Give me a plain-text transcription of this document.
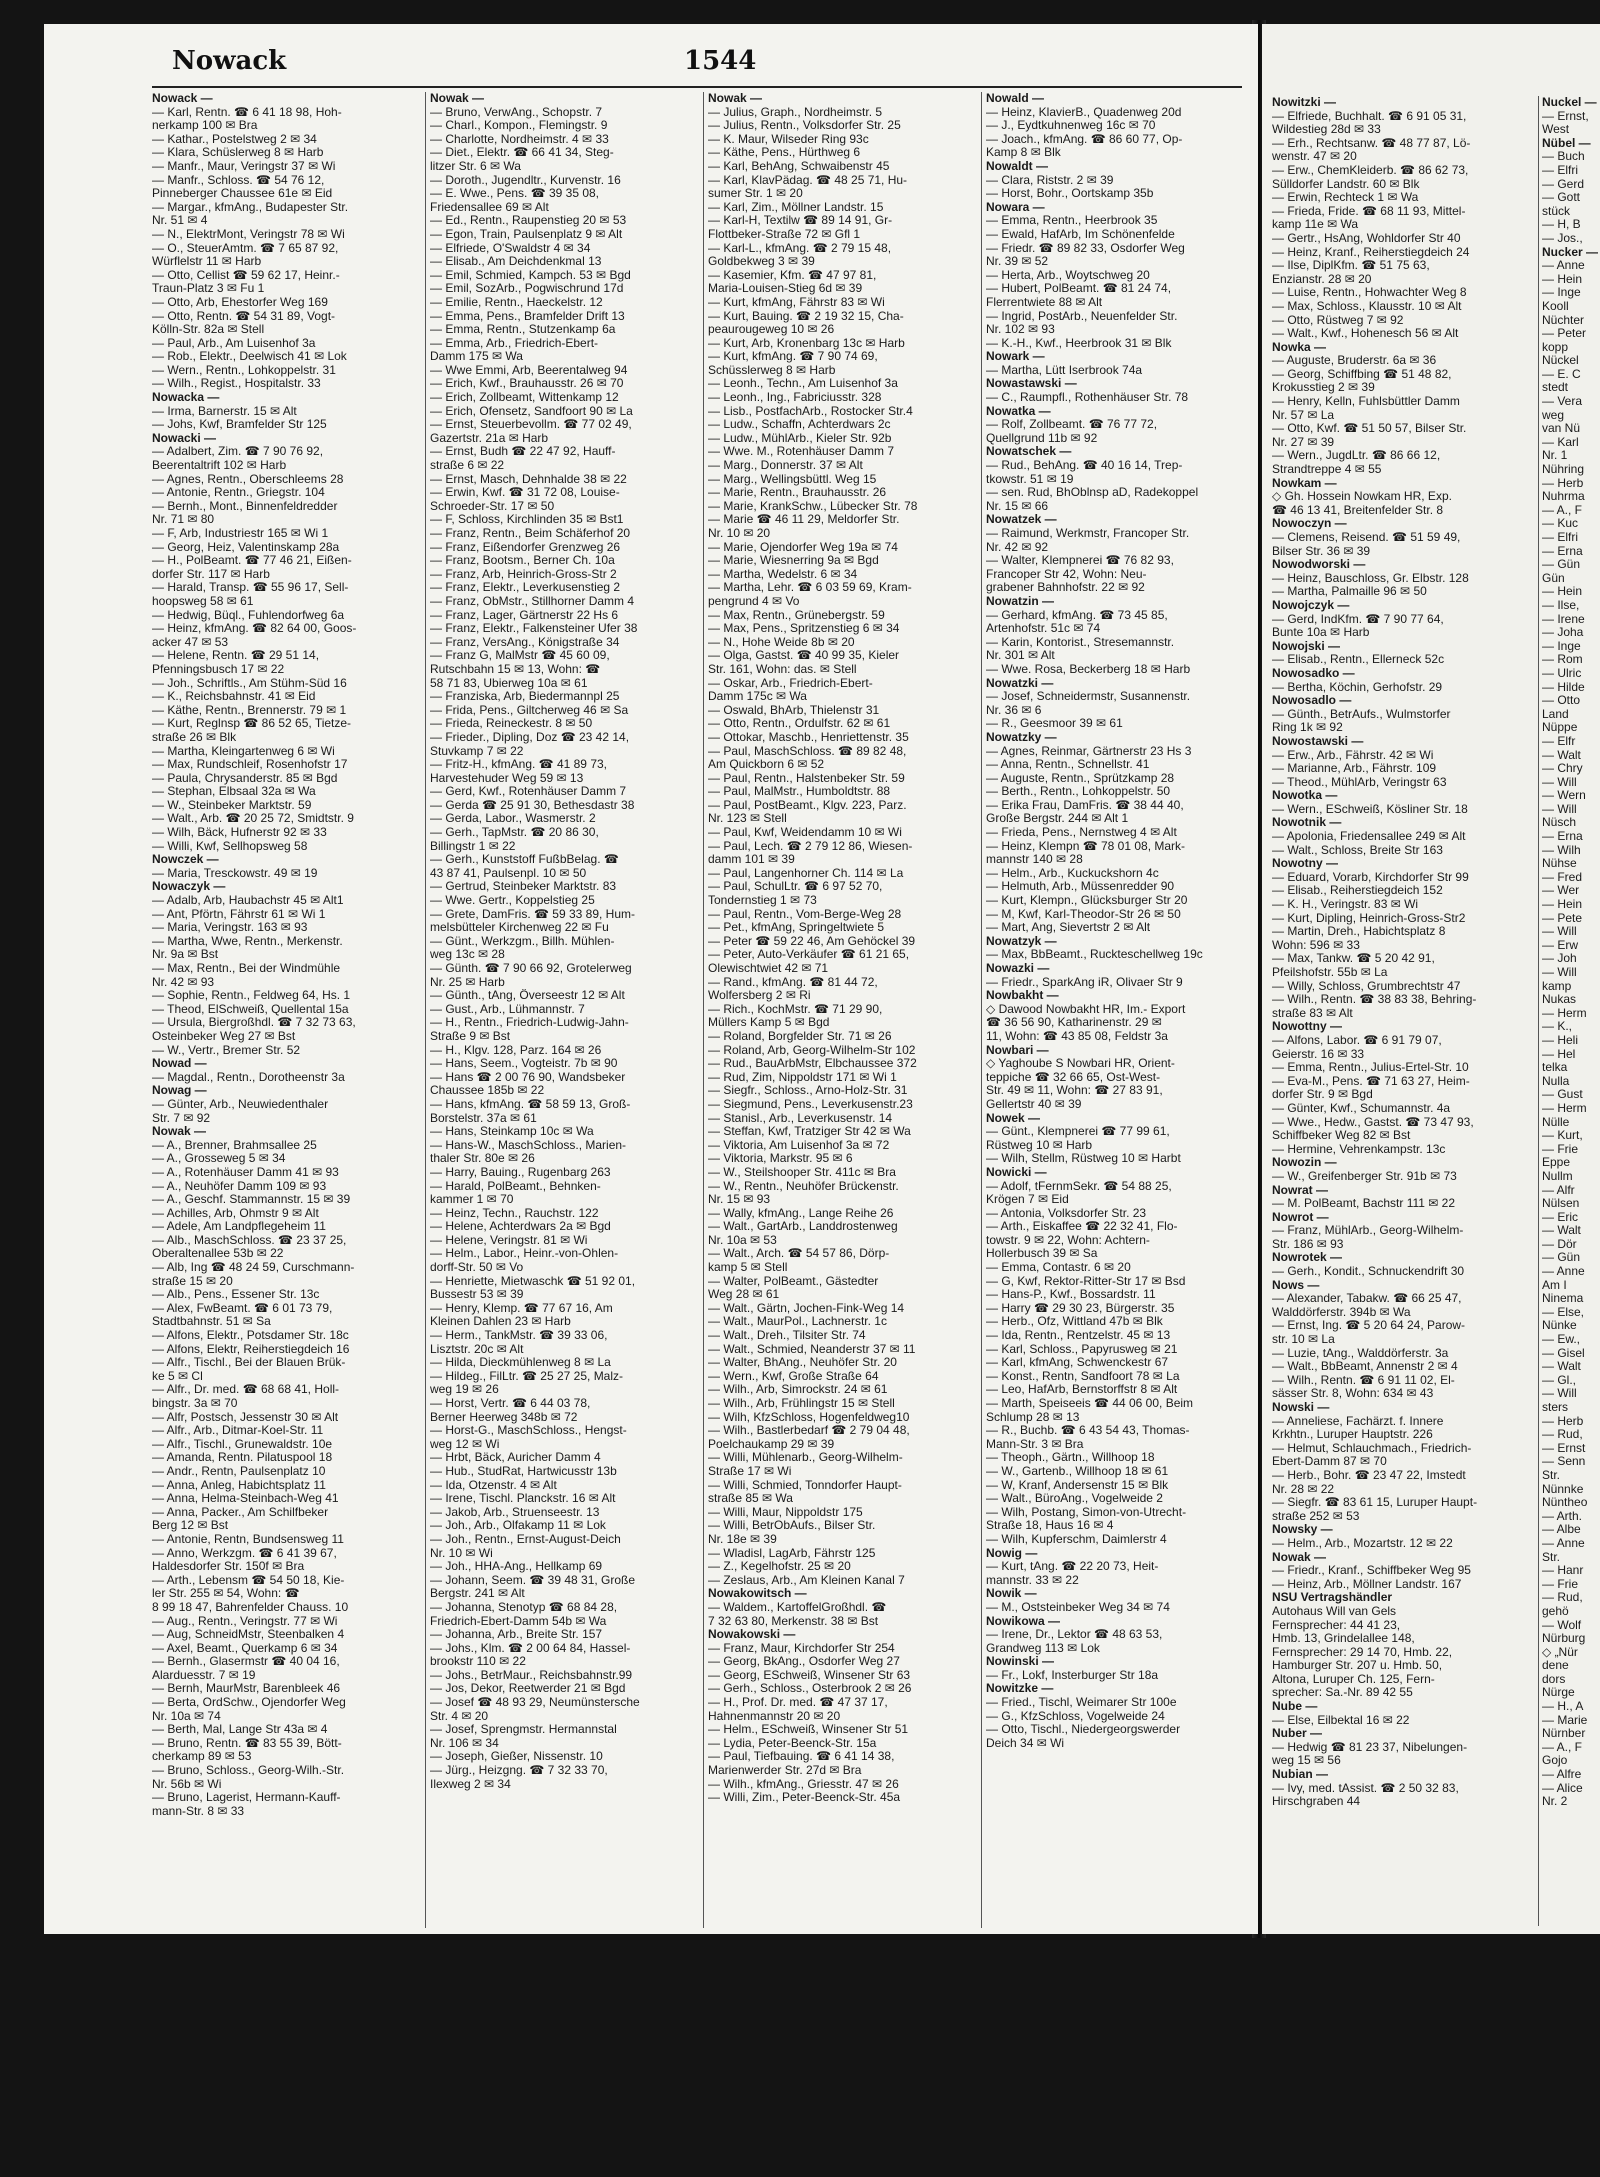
Nowack	1544
Nowack —
— Karl, Rentn. ☎ 6 41 18 98, Hoh-
nerkamp 100 ✉ Bra
— Kathar., Postelstweg 2 ✉ 34
— Klara, Schüslerweg 8 ✉ Harb
— Manfr., Maur, Veringstr 37 ✉ Wi
— Manfr., Schloss. ☎ 54 76 12,
Pinneberger Chaussee 61e ✉ Eid
— Margar., kfmAng., Budapester Str.
Nr. 51 ✉ 4
— N., ElektrMont, Veringstr 78 ✉ Wi
— O., SteuerAmtm. ☎ 7 65 87 92,
Würflelstr 11 ✉ Harb
— Otto, Cellist ☎ 59 62 17, Heinr.-
Traun-Platz 3 ✉ Fu 1
— Otto, Arb, Ehestorfer Weg 169
— Otto, Rentn. ☎ 54 31 89, Vogt-
Kölln-Str. 82a ✉ Stell
— Paul, Arb., Am Luisenhof 3a
— Rob., Elektr., Deelwisch 41 ✉ Lok
— Wern., Rentn., Lohkoppelstr. 31
— Wilh., Regist., Hospitalstr. 33
Nowacka —
— Irma, Barnerstr. 15 ✉ Alt
— Johs, Kwf, Bramfelder Str 125
Nowacki —
— Adalbert, Zim. ☎ 7 90 76 92,
Beerentaltrift 102 ✉ Harb
— Agnes, Rentn., Oberschleems 28
— Antonie, Rentn., Griegstr. 104
— Bernh., Mont., Binnenfeldredder
Nr. 71 ✉ 80
— F, Arb, Industriestr 165 ✉ Wi 1
— Georg, Heiz, Valentinskamp 28a
— H., PolBeamt. ☎ 77 46 21, Eißen-
dorfer Str. 117 ✉ Harb
— Harald, Transp. ☎ 55 96 17, Sell-
hoopsweg 58 ✉ 61
— Hedwig, Büql., Fuhlendorfweg 6a
— Heinz, kfmAng. ☎ 82 64 00, Goos-
acker 47 ✉ 53
— Helene, Rentn. ☎ 29 51 14,
Pfenningsbusch 17 ✉ 22
— Joh., Schriftls., Am Stühm-Süd 16
— K., Reichsbahnstr. 41 ✉ Eid
— Käthe, Rentn., Brennerstr. 79 ✉ 1
— Kurt, Reglnsp ☎ 86 52 65, Tietze-
straße 26 ✉ Blk
— Martha, Kleingartenweg 6 ✉ Wi
— Max, Rundschleif, Rosenhofstr 17
— Paula, Chrysanderstr. 85 ✉ Bgd
— Stephan, Elbsaal 32a ✉ Wa
— W., Steinbeker Marktstr. 59
— Walt., Arb. ☎ 20 25 72, Smidtstr. 9
— Wilh, Bäck, Hufnerstr 92 ✉ 33
— Willi, Kwf, Sellhopsweg 58
Nowczek —
— Maria, Tresckowstr. 49 ✉ 19
Nowaczyk —
— Adalb, Arb, Haubachstr 45 ✉ Alt1
— Ant, Pförtn, Fährstr 61 ✉ Wi 1
— Maria, Veringstr. 163 ✉ 93
— Martha, Wwe, Rentn., Merkenstr.
Nr. 9a ✉ Bst
— Max, Rentn., Bei der Windmühle
Nr. 42 ✉ 93
— Sophie, Rentn., Feldweg 64, Hs. 1
— Theod, ElSchweiß, Quellental 15a
— Ursula, Biergroßhdl. ☎ 7 32 73 63,
Osteinbeker Weg 27 ✉ Bst
— W., Vertr., Bremer Str. 52
Nowad —
— Magdal., Rentn., Dorotheenstr 3a
Nowag —
— Günter, Arb., Neuwiedenthaler
Str. 7 ✉ 92
Nowak —
— A., Brenner, Brahmsallee 25
— A., Grosseweg 5 ✉ 34
— A., Rotenhäuser Damm 41 ✉ 93
— A., Neuhöfer Damm 109 ✉ 93
— A., Geschf. Stammannstr. 15 ✉ 39
— Achilles, Arb, Ohmstr 9 ✉ Alt
— Adele, Am Landpflegeheim 11
— Alb., MaschSchloss. ☎ 23 37 25,
Oberaltenallee 53b ✉ 22
— Alb, Ing ☎ 48 24 59, Curschmann-
straße 15 ✉ 20
— Alb., Pens., Essener Str. 13c
— Alex, FwBeamt. ☎ 6 01 73 79,
Stadtbahnstr. 51 ✉ Sa
— Alfons, Elektr., Potsdamer Str. 18c
— Alfons, Elektr, Reiherstiegdeich 16
— Alfr., Tischl., Bei der Blauen Brük-
ke 5 ✉ Cl
— Alfr., Dr. med. ☎ 68 68 41, Holl-
bingstr. 3a ✉ 70
— Alfr, Postsch, Jessenstr 30 ✉ Alt
— Alfr., Arb., Ditmar-Koel-Str. 11
— Alfr., Tischl., Grunewaldstr. 10e
— Amanda, Rentn. Pilatuspool 18
— Andr., Rentn, Paulsenplatz 10
— Anna, Anleg, Habichtsplatz 11
— Anna, Helma-Steinbach-Weg 41
— Anna, Packer., Am Schilfbeker
Berg 12 ✉ Bst
— Antonie, Rentn, Bundsensweg 11
— Anno, Werkzgm. ☎ 6 41 39 67,
Haldesdorfer Str. 150f ✉ Bra
— Arth., Lebensm ☎ 54 50 18, Kie-
ler Str. 255 ✉ 54, Wohn: ☎
8 99 18 47, Bahrenfelder Chauss. 10
— Aug., Rentn., Veringstr. 77 ✉ Wi
— Aug, SchneidMstr, Steenbalken 4
— Axel, Beamt., Querkamp 6 ✉ 34
— Bernh., Glasermstr ☎ 40 04 16,
Alarduesstr. 7 ✉ 19
— Bernh, MaurMstr, Barenbleek 46
— Berta, OrdSchw., Ojendorfer Weg
Nr. 10a ✉ 74
— Berth, Mal, Lange Str 43a ✉ 4
— Bruno, Rentn. ☎ 83 55 39, Bött-
cherkamp 89 ✉ 53
— Bruno, Schloss., Georg-Wilh.-Str.
Nr. 56b ✉ Wi
— Bruno, Lagerist, Hermann-Kauff-
mann-Str. 8 ✉ 33
Nowak —
— Bruno, VerwAng., Schopstr. 7
— Charl., Kompon., Flemingstr. 9
— Charlotte, Nordheimstr. 4 ✉ 33
— Diet., Elektr. ☎ 66 41 34, Steg-
litzer Str. 6 ✉ Wa
— Doroth., Jugendltr., Kurvenstr. 16
— E. Wwe., Pens. ☎ 39 35 08,
Friedensallee 69 ✉ Alt
— Ed., Rentn., Raupenstieg 20 ✉ 53
— Egon, Train, Paulsenplatz 9 ✉ Alt
— Elfriede, O'Swaldstr 4 ✉ 34
— Elisab., Am Deichdenkmal 13
— Emil, Schmied, Kampch. 53 ✉ Bgd
— Emil, SozArb., Pogwischrund 17d
— Emilie, Rentn., Haeckelstr. 12
— Emma, Pens., Bramfelder Drift 13
— Emma, Rentn., Stutzenkamp 6a
— Emma, Arb., Friedrich-Ebert-
Damm 175 ✉ Wa
— Wwe Emmi, Arb, Beerentalweg 94
— Erich, Kwf., Brauhausstr. 26 ✉ 70
— Erich, Zollbeamt, Wittenkamp 12
— Erich, Ofensetz, Sandfoort 90 ✉ La
— Ernst, Steuerbevollm. ☎ 77 02 49,
Gazertstr. 21a ✉ Harb
— Ernst, Budh ☎ 22 47 92, Hauff-
straße 6 ✉ 22
— Ernst, Masch, Dehnhalde 38 ✉ 22
— Erwin, Kwf. ☎ 31 72 08, Louise-
Schroeder-Str. 17 ✉ 50
— F, Schloss, Kirchlinden 35 ✉ Bst1
— Franz, Rentn., Beim Schäferhof 20
— Franz, Eißendorfer Grenzweg 26
— Franz, Bootsm., Berner Ch. 10a
— Franz, Arb, Heinrich-Gross-Str 2
— Franz, Elektr., Leverkusenstieg 2
— Franz, ObMstr., Stillhorner Damm 4
— Franz, Lager, Gärtnerstr 22 Hs 6
— Franz, Elektr., Falkensteiner Ufer 38
— Franz, VersAng., Königstraße 34
— Franz G, MalMstr ☎ 45 60 09,
Rutschbahn 15 ✉ 13, Wohn: ☎
58 71 83, Ubierweg 10a ✉ 61
— Franziska, Arb, Biedermannpl 25
— Frida, Pens., Giltcherweg 46 ✉ Sa
— Frieda, Reineckestr. 8 ✉ 50
— Frieder., Dipling, Doz ☎ 23 42 14,
Stuvkamp 7 ✉ 22
— Fritz-H., kfmAng. ☎ 41 89 73,
Harvestehuder Weg 59 ✉ 13
— Gerd, Kwf., Rotenhäuser Damm 7
— Gerda ☎ 25 91 30, Bethesdastr 38
— Gerda, Labor., Wasmerstr. 2
— Gerh., TapMstr. ☎ 20 86 30,
Billingstr 1 ✉ 22
— Gerh., Kunststoff FußbBelag. ☎
43 87 41, Paulsenpl. 10 ✉ 50
— Gertrud, Steinbeker Marktstr. 83
— Wwe. Gertr., Koppelstieg 25
— Grete, DamFris. ☎ 59 33 89, Hum-
melsbütteler Kirchenweg 22 ✉ Fu
— Günt., Werkzgm., Billh. Mühlen-
weg 13c ✉ 28
— Günth. ☎ 7 90 66 92, Grotelerweg
Nr. 25 ✉ Harb
— Günth., tAng, Överseestr 12 ✉ Alt
— Gust., Arb., Lühmannstr. 7
— H., Rentn., Friedrich-Ludwig-Jahn-
Straße 9 ✉ Bst
— H., Klgv. 128, Parz. 164 ✉ 26
— Hans, Seem., Vogteistr. 7b ✉ 90
— Hans ☎ 2 00 76 90, Wandsbeker
Chaussee 185b ✉ 22
— Hans, kfmAng. ☎ 58 59 13, Groß-
Borstelstr. 37a ✉ 61
— Hans, Steinkamp 10c ✉ Wa
— Hans-W., MaschSchloss., Marien-
thaler Str. 80e ✉ 26
— Harry, Bauing., Rugenbarg 263
— Harald, PolBeamt., Behnken-
kammer 1 ✉ 70
— Heinz, Techn., Rauchstr. 122
— Helene, Achterdwars 2a ✉ Bgd
— Helene, Veringstr. 81 ✉ Wi
— Helm., Labor., Heinr.-von-Ohlen-
dorff-Str. 50 ✉ Vo
— Henriette, Mietwaschk ☎ 51 92 01,
Bussestr 53 ✉ 39
— Henry, Klemp. ☎ 77 67 16, Am
Kleinen Dahlen 23 ✉ Harb
— Herm., TankMstr. ☎ 39 33 06,
Lisztstr. 20c ✉ Alt
— Hilda, Dieckmühlenweg 8 ✉ La
— Hildeg., FilLtr. ☎ 25 27 25, Malz-
weg 19 ✉ 26
— Horst, Vertr. ☎ 6 44 03 78,
Berner Heerweg 348b ✉ 72
— Horst-G., MaschSchloss., Hengst-
weg 12 ✉ Wi
— Hrbt, Bäck, Auricher Damm 4
— Hub., StudRat, Hartwicusstr 13b
— Ida, Otzenstr. 4 ✉ Alt
— Irene, Tischl. Planckstr. 16 ✉ Alt
— Jakob, Arb., Struenseestr. 13
— Joh., Arb., Olfakamp 11 ✉ Lok
— Joh., Rentn., Ernst-August-Deich
Nr. 10 ✉ Wi
— Joh., HHA-Ang., Hellkamp 69
— Johann, Seem. ☎ 39 48 31, Große
Bergstr. 241 ✉ Alt
— Johanna, Stenotyp ☎ 68 84 28,
Friedrich-Ebert-Damm 54b ✉ Wa
— Johanna, Arb., Breite Str. 157
— Johs., Klm. ☎ 2 00 64 84, Hassel-
brookstr 110 ✉ 22
— Johs., BetrMaur., Reichsbahnstr.99
— Jos, Dekor, Reetwerder 21 ✉ Bgd
— Josef ☎ 48 93 29, Neumünstersche
Str. 4 ✉ 20
— Josef, Sprengmstr. Hermannstal
Nr. 106 ✉ 34
— Joseph, Gießer, Nissenstr. 10
— Jürg., Heizgng. ☎ 7 32 33 70,
Ilexweg 2 ✉ 34
Nowak —
— Julius, Graph., Nordheimstr. 5
— Julius, Rentn., Volksdorfer Str. 25
— K. Maur, Wilseder Ring 93c
— Käthe, Pens., Hürthweg 6
— Karl, BehAng, Schwaibenstr 45
— Karl, KlavPädag. ☎ 48 25 71, Hu-
sumer Str. 1 ✉ 20
— Karl, Zim., Möllner Landstr. 15
— Karl-H, Textilw ☎ 89 14 91, Gr-
Flottbeker-Straße 72 ✉ Gfl 1
— Karl-L., kfmAng. ☎ 2 79 15 48,
Goldbekweg 3 ✉ 39
— Kasemier, Kfm. ☎ 47 97 81,
Maria-Louisen-Stieg 6d ✉ 39
— Kurt, kfmAng, Fährstr 83 ✉ Wi
— Kurt, Bauing. ☎ 2 19 32 15, Cha-
peaurougeweg 10 ✉ 26
— Kurt, Arb, Kronenbarg 13c ✉ Harb
— Kurt, kfmAng. ☎ 7 90 74 69,
Schüsslerweg 8 ✉ Harb
— Leonh., Techn., Am Luisenhof 3a
— Leonh., Ing., Fabriciusstr. 328
— Lisb., PostfachArb., Rostocker Str.4
— Ludw., Schaffn, Achterdwars 2c
— Ludw., MühlArb., Kieler Str. 92b
— Wwe. M., Rotenhäuser Damm 7
— Marg., Donnerstr. 37 ✉ Alt
— Marg., Wellingsbüttl. Weg 15
— Marie, Rentn., Brauhausstr. 26
— Marie, KrankSchw., Lübecker Str. 78
— Marie ☎ 46 11 29, Meldorfer Str.
Nr. 10 ✉ 20
— Marie, Ojendorfer Weg 19a ✉ 74
— Marie, Wiesnerring 9a ✉ Bgd
— Martha, Wedelstr. 6 ✉ 34
— Martha, Lehr. ☎ 6 03 59 69, Kram-
pengrund 4 ✉ Vo
— Max, Rentn., Grünebergstr. 59
— Max, Pens., Spritzenstieg 6 ✉ 34
— N., Hohe Weide 8b ✉ 20
— Olga, Gastst. ☎ 40 99 35, Kieler
Str. 161, Wohn: das. ✉ Stell
— Oskar, Arb., Friedrich-Ebert-
Damm 175c ✉ Wa
— Oswald, BhArb, Thielenstr 31
— Otto, Rentn., Ordulfstr. 62 ✉ 61
— Ottokar, Maschb., Henriettenstr. 35
— Paul, MaschSchloss. ☎ 89 82 48,
Am Quickborn 6 ✉ 52
— Paul, Rentn., Halstenbeker Str. 59
— Paul, MalMstr., Humboldtstr. 88
— Paul, PostBeamt., Klgv. 223, Parz.
Nr. 123 ✉ Stell
— Paul, Kwf, Weidendamm 10 ✉ Wi
— Paul, Lech. ☎ 2 79 12 86, Wiesen-
damm 101 ✉ 39
— Paul, Langenhorner Ch. 114 ✉ La
— Paul, SchulLtr. ☎ 6 97 52 70,
Tondernstieg 1 ✉ 73
— Paul, Rentn., Vom-Berge-Weg 28
— Pet., kfmAng, Springeltwiete 5
— Peter ☎ 59 22 46, Am Gehöckel 39
— Peter, Auto-Verkäufer ☎ 61 21 65,
Olewischtwiet 42 ✉ 71
— Rand., kfmAng. ☎ 81 44 72,
Wolfersberg 2 ✉ Ri
— Rich., KochMstr. ☎ 71 29 90,
Müllers Kamp 5 ✉ Bgd
— Roland, Borgfelder Str. 71 ✉ 26
— Roland, Arb, Georg-Wilhelm-Str 102
— Rud., BauArbMstr, Elbchaussee 372
— Rud, Zim, Nippoldstr 171 ✉ Wi 1
— Siegfr., Schloss., Arno-Holz-Str. 31
— Siegmund, Pens., Leverkusenstr.23
— Stanisl., Arb., Leverkusenstr. 14
— Steffan, Kwf, Tratziger Str 42 ✉ Wa
— Viktoria, Am Luisenhof 3a ✉ 72
— Viktoria, Markstr. 95 ✉ 6
— W., Steilshooper Str. 411c ✉ Bra
— W., Rentn., Neuhöfer Brückenstr.
Nr. 15 ✉ 93
— Wally, kfmAng., Lange Reihe 26
— Walt., GartArb., Landdrostenweg
Nr. 10a ✉ 53
— Walt., Arch. ☎ 54 57 86, Dörp-
kamp 5 ✉ Stell
— Walter, PolBeamt., Gästedter
Weg 28 ✉ 61
— Walt., Gärtn, Jochen-Fink-Weg 14
— Walt., MaurPol., Lachnerstr. 1c
— Walt., Dreh., Tilsiter Str. 74
— Walt., Schmied, Neanderstr 37 ✉ 11
— Walter, BhAng., Neuhöfer Str. 20
— Wern., Kwf, Große Straße 64
— Wilh., Arb, Simrockstr. 24 ✉ 61
— Wilh., Arb, Frühlingstr 15 ✉ Stell
— Wilh, KfzSchloss, Hogenfeldweg10
— Wilh., Bastlerbedarf ☎ 2 79 04 48,
Poelchaukamp 29 ✉ 39
— Willi, Mühlenarb., Georg-Wilhelm-
Straße 17 ✉ Wi
— Willi, Schmied, Tonndorfer Haupt-
straße 85 ✉ Wa
— Willi, Maur, Nippoldstr 175
— Willi, BetrObAufs., Bilser Str.
Nr. 18e ✉ 39
— Wladisl, LagArb, Fährstr 125
— Z., Kegelhofstr. 25 ✉ 20
— Zeslaus, Arb., Am Kleinen Kanal 7
Nowakowitsch —
— Waldem., KartoffelGroßhdl. ☎
7 32 63 80, Merkenstr. 38 ✉ Bst
Nowakowski —
— Franz, Maur, Kirchdorfer Str 254
— Georg, BkAng., Osdorfer Weg 27
— Georg, ESchweiß, Winsener Str 63
— Gerh., Schloss., Osterbrook 2 ✉ 26
— H., Prof. Dr. med. ☎ 47 37 17,
Hahnenmannstr 20 ✉ 20
— Helm., ESchweiß, Winsener Str 51
— Lydia, Peter-Beenck-Str. 15a
— Paul, Tiefbauing. ☎ 6 41 14 38,
Marienwerder Str. 27d ✉ Bra
— Wilh., kfmAng., Griesstr. 47 ✉ 26
— Willi, Zim., Peter-Beenck-Str. 45a
Nowald —
— Heinz, KlavierB., Quadenweg 20d
— J., Eydtkuhnenweg 16c ✉ 70
— Joach., kfmAng. ☎ 86 60 77, Op-
Kamp 8 ✉ Blk
Nowaldt —
— Clara, Riststr. 2 ✉ 39
— Horst, Bohr., Oortskamp 35b
Nowara —
— Emma, Rentn., Heerbrook 35
— Ewald, HafArb, Im Schönenfelde
— Friedr. ☎ 89 82 33, Osdorfer Weg
Nr. 39 ✉ 52
— Herta, Arb., Woytschweg 20
— Hubert, PolBeamt. ☎ 81 24 74,
Flerrentwiete 88 ✉ Alt
— Ingrid, PostArb., Neuenfelder Str.
Nr. 102 ✉ 93
— K.-H., Kwf., Heerbrook 31 ✉ Blk
Nowark —
— Martha, Lütt Iserbrook 74a
Nowastawski —
— C., Raumpfl., Rothenhäuser Str. 78
Nowatka —
— Rolf, Zollbeamt. ☎ 76 77 72,
Quellgrund 11b ✉ 92
Nowatschek —
— Rud., BehAng. ☎ 40 16 14, Trep-
tkowstr. 51 ✉ 19
— sen. Rud, BhOblnsp aD, Radekoppel
Nr. 15 ✉ 66
Nowatzek —
— Raimund, Werkmstr, Francoper Str.
Nr. 42 ✉ 92
— Walter, Klempnerei ☎ 76 82 93,
Francoper Str 42, Wohn: Neu-
grabener Bahnhofstr. 22 ✉ 92
Nowatzin —
— Gerhard, kfmAng. ☎ 73 45 85,
Artenhofstr. 51c ✉ 74
— Karin, Kontorist., Stresemannstr.
Nr. 301 ✉ Alt
— Wwe. Rosa, Beckerberg 18 ✉ Harb
Nowatzki —
— Josef, Schneidermstr, Susannenstr.
Nr. 36 ✉ 6
— R., Geesmoor 39 ✉ 61
Nowatzky —
— Agnes, Reinmar, Gärtnerstr 23 Hs 3
— Anna, Rentn., Schnellstr. 41
— Auguste, Rentn., Sprützkamp 28
— Berth., Rentn., Lohkoppelstr. 50
— Erika Frau, DamFris. ☎ 38 44 40,
Große Bergstr. 244 ✉ Alt 1
— Frieda, Pens., Nernstweg 4 ✉ Alt
— Heinz, Klempn ☎ 78 01 08, Mark-
mannstr 140 ✉ 28
— Helm., Arb., Kuckuckshorn 4c
— Helmuth, Arb., Müssenredder 90
— Kurt, Klempn., Glücksburger Str 20
— M, Kwf, Karl-Theodor-Str 26 ✉ 50
— Mart, Ang, Sievertstr 2 ✉ Alt
Nowatzyk —
— Max, BbBeamt., Ruckteschellweg 19c
Nowazki —
— Friedr., SparkAng iR, Olivaer Str 9
Nowbakht —
◇ Dawood Nowbakht HR, Im.- Export
☎ 36 56 90, Katharinenstr. 29 ✉
11, Wohn: ☎ 43 85 08, Feldstr 3a
Nowbari —
◇ Yaghoube S Nowbari HR, Orient-
teppiche ☎ 32 66 65, Ost-West-
Str. 49 ✉ 11, Wohn: ☎ 27 83 91,
Gellertstr 40 ✉ 39
Nowek —
— Günt., Klempnerei ☎ 77 99 61,
Rüstweg 10 ✉ Harb
— Wilh, Stellm, Rüstweg 10 ✉ Harbt
Nowicki —
— Adolf, tFernmSekr. ☎ 54 88 25,
Krögen 7 ✉ Eid
— Antonia, Volksdorfer Str. 23
— Arth., Eiskaffee ☎ 22 32 41, Flo-
towstr. 9 ✉ 22, Wohn: Achtern-
Hollerbusch 39 ✉ Sa
— Emma, Contastr. 6 ✉ 20
— G, Kwf, Rektor-Ritter-Str 17 ✉ Bsd
— Hans-P., Kwf., Bossardstr. 11
— Harry ☎ 29 30 23, Bürgerstr. 35
— Herb., Ofz, Wittland 47b ✉ Blk
— Ida, Rentn., Rentzelstr. 45 ✉ 13
— Karl, Schloss., Papyrusweg ✉ 21
— Karl, kfmAng, Schwenckestr 67
— Konst., Rentn, Sandfoort 78 ✉ La
— Leo, HafArb, Bernstorffstr 8 ✉ Alt
— Marth, Speiseeis ☎ 44 06 00, Beim
Schlump 28 ✉ 13
— R., Buchb. ☎ 6 43 54 43, Thomas-
Mann-Str. 3 ✉ Bra
— Theoph., Gärtn., Willhoop 18
— W., Gartenb., Willhoop 18 ✉ 61
— W, Kranf, Andersenstr 15 ✉ Blk
— Walt., BüroAng., Vogelweide 2
— Wilh, Postang, Simon-von-Utrecht-
Straße 18, Haus 16 ✉ 4
— Wilh, Kupferschm, Daimlerstr 4
Nowig —
— Kurt, tAng. ☎ 22 20 73, Heit-
mannstr. 33 ✉ 22
Nowik —
— M., Oststeinbeker Weg 34 ✉ 74
Nowikowa —
— Irene, Dr., Lektor ☎ 48 63 53,
Grandweg 113 ✉ Lok
Nowinski —
— Fr., Lokf, Insterburger Str 18a
Nowitzke —
— Fried., Tischl, Weimarer Str 100e
— G., KfzSchloss, Vogelweide 24
— Otto, Tischl., Niedergeorgswerder
Deich 34 ✉ Wi
Nowitzki —
— Elfriede, Buchhalt. ☎ 6 91 05 31,
Wildestieg 28d ✉ 33
— Erh., Rechtsanw. ☎ 48 77 87, Lö-
wenstr. 47 ✉ 20
— Erw., ChemKleiderb. ☎ 86 62 73,
Sülldorfer Landstr. 60 ✉ Blk
— Erwin, Rechteck 1 ✉ Wa
— Frieda, Fride. ☎ 68 11 93, Mittel-
kamp 11e ✉ Wa
— Gertr., HsAng, Wohldorfer Str 40
— Heinz, Kranf., Reiherstiegdeich 24
— Ilse, DiplKfm. ☎ 51 75 63,
Enzianstr. 28 ✉ 20
— Luise, Rentn., Hohwachter Weg 8
— Max, Schloss., Klausstr. 10 ✉ Alt
— Otto, Rüstweg 7 ✉ 92
— Walt., Kwf., Hohenesch 56 ✉ Alt
Nowka —
— Auguste, Bruderstr. 6a ✉ 36
— Georg, Schiffbing ☎ 51 48 82,
Krokusstieg 2 ✉ 39
— Henry, Kelln, Fuhlsbüttler Damm
Nr. 57 ✉ La
— Otto, Kwf. ☎ 51 50 57, Bilser Str.
Nr. 27 ✉ 39
— Wern., JugdLtr. ☎ 86 66 12,
Strandtreppe 4 ✉ 55
Nowkam —
◇ Gh. Hossein Nowkam HR, Exp.
☎ 46 13 41, Breitenfelder Str. 8
Nowoczyn —
— Clemens, Reisend. ☎ 51 59 49,
Bilser Str. 36 ✉ 39
Nowodworski —
— Heinz, Bauschloss, Gr. Elbstr. 128
— Martha, Palmaille 96 ✉ 50
Nowojczyk —
— Gerd, IndKfm. ☎ 7 90 77 64,
Bunte 10a ✉ Harb
Nowojski —
— Elisab., Rentn., Ellerneck 52c
Nowosadko —
— Bertha, Köchin, Gerhofstr. 29
Nowosadlo —
— Günth., BetrAufs., Wulmstorfer
Ring 1k ✉ 92
Nowostawski —
— Erw., Arb., Fährstr. 42 ✉ Wi
— Marianne, Arb., Fährstr. 109
— Theod., MühlArb, Veringstr 63
Nowotka —
— Wern., ESchweiß, Kösliner Str. 18
Nowotnik —
— Apolonia, Friedensallee 249 ✉ Alt
— Walt., Schloss, Breite Str 163
Nowotny —
— Eduard, Vorarb, Kirchdorfer Str 99
— Elisab., Reiherstiegdeich 152
— K. H., Veringstr. 83 ✉ Wi
— Kurt, Dipling, Heinrich-Gross-Str2
— Martin, Dreh., Habichtsplatz 8
Wohn: 596 ✉ 33
— Max, Tankw. ☎ 5 20 42 91,
Pfeilshofstr. 55b ✉ La
— Willy, Schloss, Grumbrechtstr 47
— Wilh., Rentn. ☎ 38 83 38, Behring-
straße 83 ✉ Alt
Nowottny —
— Alfons, Labor. ☎ 6 91 79 07,
Geierstr. 16 ✉ 33
— Emma, Rentn., Julius-Ertel-Str. 10
— Eva-M., Pens. ☎ 71 63 27, Heim-
dorfer Str. 9 ✉ Bgd
— Günter, Kwf., Schumannstr. 4a
— Wwe., Hedw., Gastst. ☎ 73 47 93,
Schiffbeker Weg 82 ✉ Bst
— Hermine, Vehrenkampstr. 13c
Nowozin —
— W., Greifenberger Str. 91b ✉ 73
Nowrat —
— M. PolBeamt, Bachstr 111 ✉ 22
Nowrot —
— Franz, MühlArb., Georg-Wilhelm-
Str. 186 ✉ 93
Nowrotek —
— Gerh., Kondit., Schnuckendrift 30
Nows —
— Alexander, Tabakw. ☎ 66 25 47,
Walddörferstr. 394b ✉ Wa
— Ernst, Ing. ☎ 5 20 64 24, Parow-
str. 10 ✉ La
— Luzie, tAng., Walddörferstr. 3a
— Walt., BbBeamt, Annenstr 2 ✉ 4
— Wilh., Rentn. ☎ 6 91 11 02, El-
sässer Str. 8, Wohn: 634 ✉ 43
Nowski —
— Anneliese, Fachärzt. f. Innere
Krkhtn., Luruper Hauptstr. 226
— Helmut, Schlauchmach., Friedrich-
Ebert-Damm 87 ✉ 70
— Herb., Bohr. ☎ 23 47 22, Imstedt
Nr. 28 ✉ 22
— Siegfr. ☎ 83 61 15, Luruper Haupt-
straße 252 ✉ 53
Nowsky —
— Helm., Arb., Mozartstr. 12 ✉ 22
Nowak —
— Friedr., Kranf., Schiffbeker Weg 95
— Heinz, Arb., Möllner Landstr. 167
NSU Vertragshändler
Autohaus Will van Gels
Fernsprecher: 44 41 23,
Hmb. 13, Grindelallee 148,
Fernsprecher: 29 14 70, Hmb. 22,
Hamburger Str. 207 u. Hmb. 50,
Altona, Luruper Ch. 125, Fern-
sprecher: Sa.-Nr. 89 42 55
Nube —
— Else, Eilbektal 16 ✉ 22
Nuber —
— Hedwig ☎ 81 23 37, Nibelungen-
weg 15 ✉ 56
Nubian —
— Ivy, med. tAssist. ☎ 2 50 32 83,
Hirschgraben 44
Nuckel —
— Ernst,
West
Nübel —
— Buch
— Elfri
— Gerd
— Gott
stück
— H, B
— Jos.,
Nucker —
— Anne
— Hein
— Inge
Kooll
Nüchter
— Peter
kopp
Nückel
— E. C
stedt
— Vera
weg
van Nü
— Karl
Nr. 1
Nühring
— Herb
Nuhrma
— A., F
— Kuc
— Elfri
— Erna
— Gün
Gün
— Hein
— Ilse,
— Irene
— Joha
— Inge
— Rom
— Ulric
— Hilde
— Otto
Land
Nüppe
— Elfr
— Walt
— Chry
— Will
— Wern
— Will
Nüsch
— Erna
— Wilh
Nühse
— Fred
— Wer
— Hein
— Pete
— Will
— Erw
— Joh
— Will
kamp
Nukas
— Herm
— K.,
— Heli
— Hel
telka
Nulla
— Gust
— Herm
Nülle
— Kurt,
— Frie
Eppe
Nullm
— Alfr
Nülsen
— Eric
— Walt
— Dör
— Gün
— Anne
Am I
Ninema
— Else,
Nünke
— Ew.,
— Gisel
— Walt
— Gl.,
— Will
sters
— Herb
— Rud,
— Ernst
— Senn
Str.
Nünnke
Nüntheo
— Arth.
— Albe
— Anne
Str.
— Hanr
— Frie
— Rud,
gehö
— Wolf
Nürburg
◇ „Nür
dene
dors
Nürge
— H., A
— Marie
Nürnber
— A., F
Gojo
— Alfre
— Alice
Nr. 2
